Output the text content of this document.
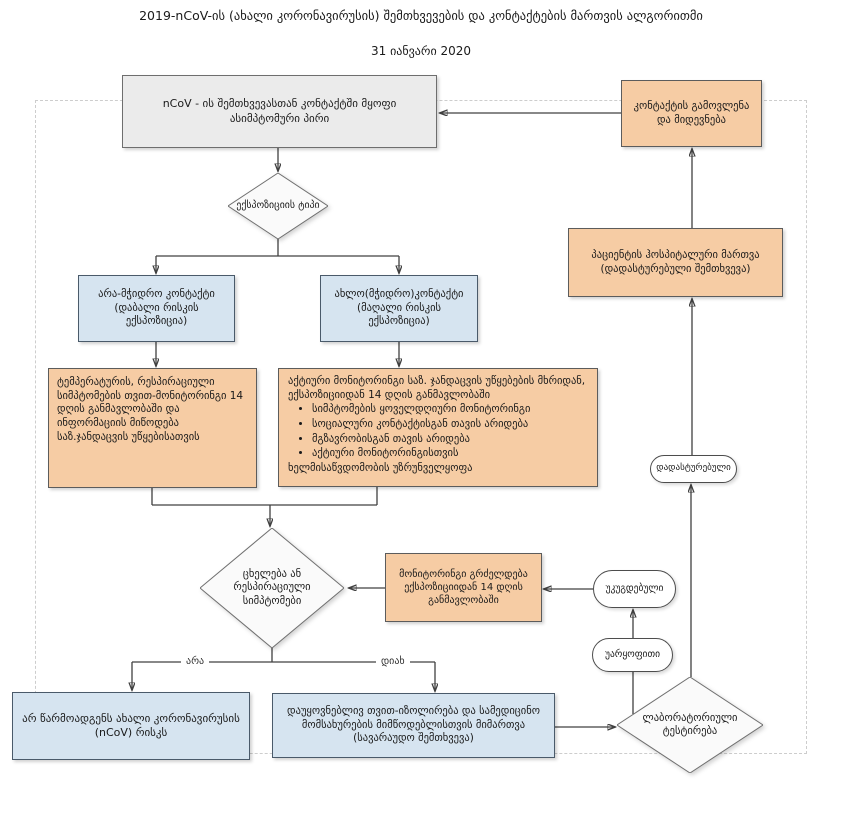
2019-nCoV-ის (ახალი კორონავირუსის) შემთხვევების და კონტაქტების მართვის ალგორითმი
31 იანვარი 2020
nCoV - ის შემთხვევასთან კონტაქტში მყოფი ასიმპტომური პირი
კონტაქტის გამოვლენა და მიდევნება
ექსპოზიციის ტიპი
არა-მჭიდრო კონტაქტი (დაბალი რისკის ექსპოზიცია)
ახლო(მჭიდრო)კონტაქტი (მაღალი რისკის ექსპოზიცია)
ტემპერატურის, რესპირაციული სიმპტომების თვით-მონიტორინგი 14 დღის განმავლობაში და ინფორმაციის მიწოდება საზ.ჯანდაცვის უწყებისათვის

აქტიური მონიტორინგი საზ. ჯანდაცვის უწყებების მხრიდან, ექსპოზიციიდან 14 დღის განმავლობაში

• სიმპტომების ყოველდღიური მონიტორინგი
• სოციალური კონტაქტისგან თავის არიდება
• მგზავრობისგან თავის არიდება
• აქტიური მონიტორინგისთვის

ხელმისაწვდომობის უზრუნველყოფა

პაციენტის ჰოსპიტალური მართვა (დადასტურებული შემთხვევა)
ცხელება ან რესპირაციული სიმპტომები
მონიტორინგი გრძელდება ექსპოზიციიდან 14 დღის განმავლობაში
უკუგდებული
უარყოფითი
დადასტურებული
არ წარმოადგენს ახალი კორონავირუსის (nCoV) რისკს
დაუყოვნებლივ თვით-იზოლირება და სამედიცინო მომსახურების მიმწოდებლისთვის მიმართვა (სავარაუდო შემთხვევა)
ლაბორატორიული ტესტირება
არა	დიახ
